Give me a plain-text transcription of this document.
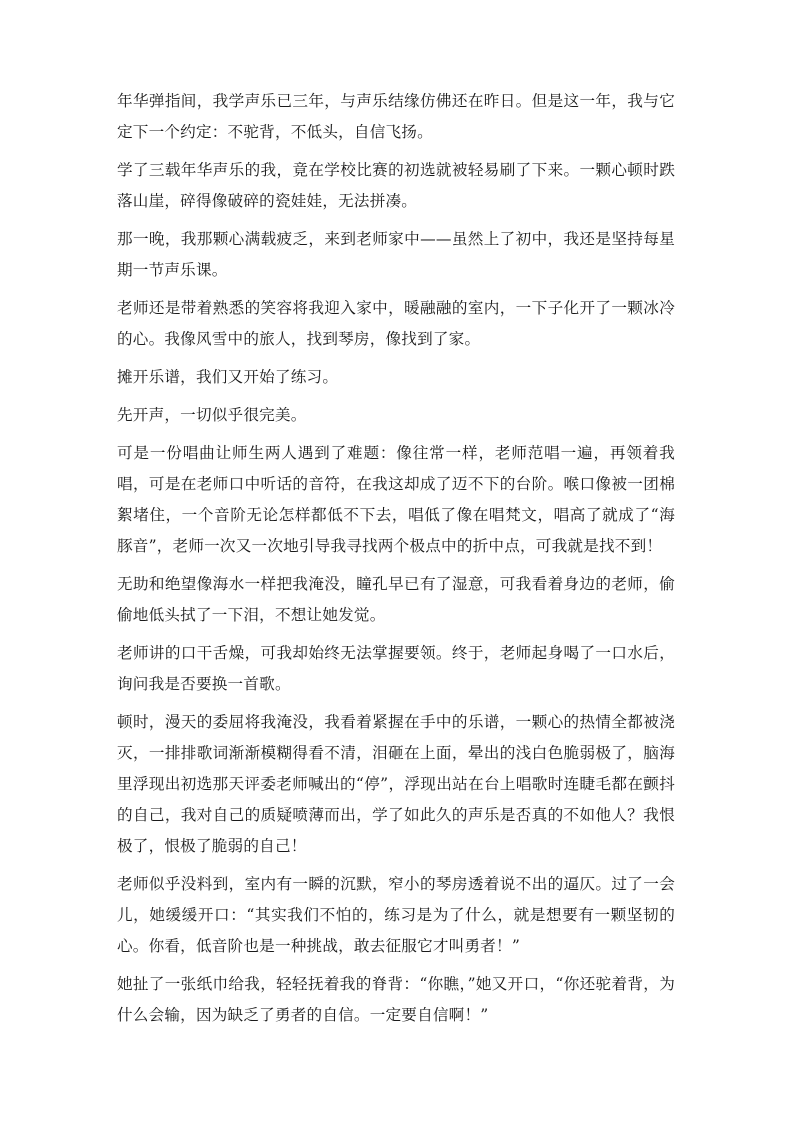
年华弹指间，我学声乐已三年，与声乐结缘仿佛还在昨日。但是这一年，我与它定下一个约定：不驼背，不低头，自信飞扬。

学了三载年华声乐的我，竟在学校比赛的初选就被轻易刷了下来。一颗心顿时跌落山崖，碎得像破碎的瓷娃娃，无法拼凑。

那一晚，我那颗心满载疲乏，来到老师家中——虽然上了初中，我还是坚持每星期一节声乐课。

老师还是带着熟悉的笑容将我迎入家中，暖融融的室内，一下子化开了一颗冰冷的心。我像风雪中的旅人，找到琴房，像找到了家。

摊开乐谱，我们又开始了练习。

先开声，一切似乎很完美。

可是一份唱曲让师生两人遇到了难题：像往常一样，老师范唱一遍，再领着我唱，可是在老师口中听话的音符，在我这却成了迈不下的台阶。喉口像被一团棉絮堵住，一个音阶无论怎样都低不下去，唱低了像在唱梵文，唱高了就成了“海豚音”，老师一次又一次地引导我寻找两个极点中的折中点，可我就是找不到！

无助和绝望像海水一样把我淹没，瞳孔早已有了湿意，可我看着身边的老师，偷偷地低头拭了一下泪，不想让她发觉。

老师讲的口干舌燥，可我却始终无法掌握要领。终于，老师起身喝了一口水后，询问我是否要换一首歌。

顿时，漫天的委屈将我淹没，我看着紧握在手中的乐谱，一颗心的热情全都被浇灭，一排排歌词渐渐模糊得看不清，泪砸在上面，晕出的浅白色脆弱极了，脑海里浮现出初选那天评委老师喊出的“停”，浮现出站在台上唱歌时连睫毛都在颤抖的自己，我对自己的质疑喷薄而出，学了如此久的声乐是否真的不如他人？我恨极了，恨极了脆弱的自己！

老师似乎没料到，室内有一瞬的沉默，窄小的琴房透着说不出的逼仄。过了一会儿，她缓缓开口：“其实我们不怕的，练习是为了什么，就是想要有一颗坚韧的心。你看，低音阶也是一种挑战，敢去征服它才叫勇者！”

她扯了一张纸巾给我，轻轻抚着我的脊背：“你瞧，”她又开口，“你还驼着背，为什么会输，因为缺乏了勇者的自信。一定要自信啊！”
